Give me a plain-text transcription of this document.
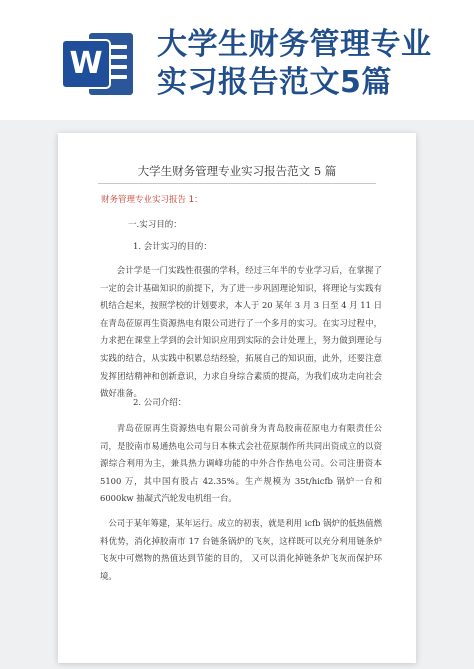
W
大学生财务管理专业实习报告范文5篇
大学生财务管理专业实习报告范文 5 篇
财务管理专业实习报告 1：
一.实习目的：
1. 会计实习的目的：
会计学是一门实践性很强的学科，经过三年半的专业学习后，在掌握了一定的会计基础知识的前提下，为了进一步巩固理论知识，将理论与实践有机结合起来，按照学校的计划要求，本人于 20 某年 3 月 3 日至 4 月 11 日在青岛莅原再生资源热电有限公司进行了一个多月的实习。在实习过程中，力求把在课堂上学到的会计知识应用到实际的会计处理上，努力做到理论与实践的结合，从实践中积累总结经验，拓展自己的知识面，此外，还要注意发挥团结精神和创新意识，力求自身综合素质的提高，为我们成功走向社会做好准备。
2. 公司介绍：
青岛莅原再生资源热电有限公司前身为青岛胶南莅原电力有限责任公司，是胶南市易通热电公司与日本株式会社莅原制作所共同出资成立的以资源综合利用为主，兼具热力调峰功能的中外合作热电公司。公司注册资本 5100 万，其中国有股占 42.35%。生产规模为 35t/hicfb 锅炉一台和 6000kw 抽凝式汽轮发电机组一台。
公司于某年筹建，某年运行。成立的初衷，就是利用 icfb 锅炉的低热值燃料优势，消化掉胶南市 17 台链条锅炉的飞灰，这样既可以充分利用链条炉飞灰中可燃物的热值达到节能的目的， 又可以消化掉链条炉飞灰而保护环境。
